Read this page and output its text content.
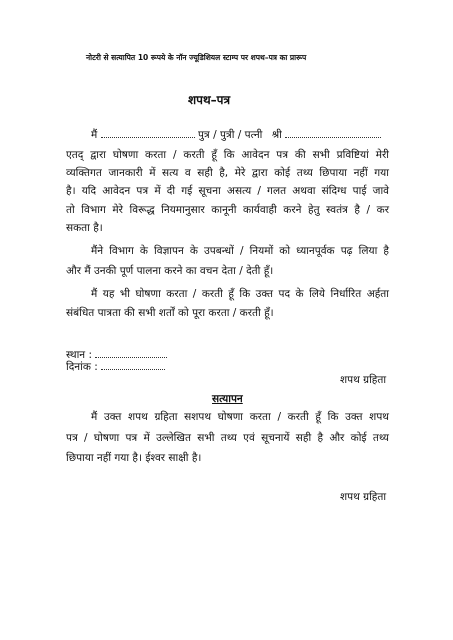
नोटरी से सत्यापित 10 रूपये के नॉन ज्यूडिशियल स्टाम्प पर शपथ–पत्र का प्रारूप
शपथ–पत्र
मैं	पुत्र / पुत्री / पत्नी श्री
एतद् द्वारा घोषणा करता / करती हूँ कि आवेदन पत्र की सभी प्रविष्टियां मेरी
व्यक्तिगत जानकारी में सत्य व सही है, मेरे द्वारा कोई तथ्य छिपाया नहीं गया
है। यदि आवेदन पत्र में दी गई सूचना असत्य / गलत अथवा संदिग्ध पाई जावे
तो विभाग मेरे विरूद्ध नियमानुसार कानूनी कार्यवाही करने हेतु स्वतंत्र है / कर
सकता है।
मैंने विभाग के विज्ञापन के उपबन्धों / नियमों को ध्यानपूर्वक पढ़ लिया है
और मैं उनकी पूर्ण पालना करने का वचन देता / देती हूँ।
मैं यह भी घोषणा करता / करती हूँ कि उक्त पद के लिये निर्धारित अर्हता
संबंधित पात्रता की सभी शर्तों को पूरा करता / करती हूँ।
स्थान :
दिनांक :
शपथ ग्रहिता
सत्यापन
मैं उक्त शपथ ग्रहिता सशपथ घोषणा करता / करती हूँ कि उक्त शपथ
पत्र / घोषणा पत्र में उल्लेखित सभी तथ्य एवं सूचनायें सही है और कोई तथ्य
छिपाया नहीं गया है। ईश्वर साक्षी है।
शपथ ग्रहिता
